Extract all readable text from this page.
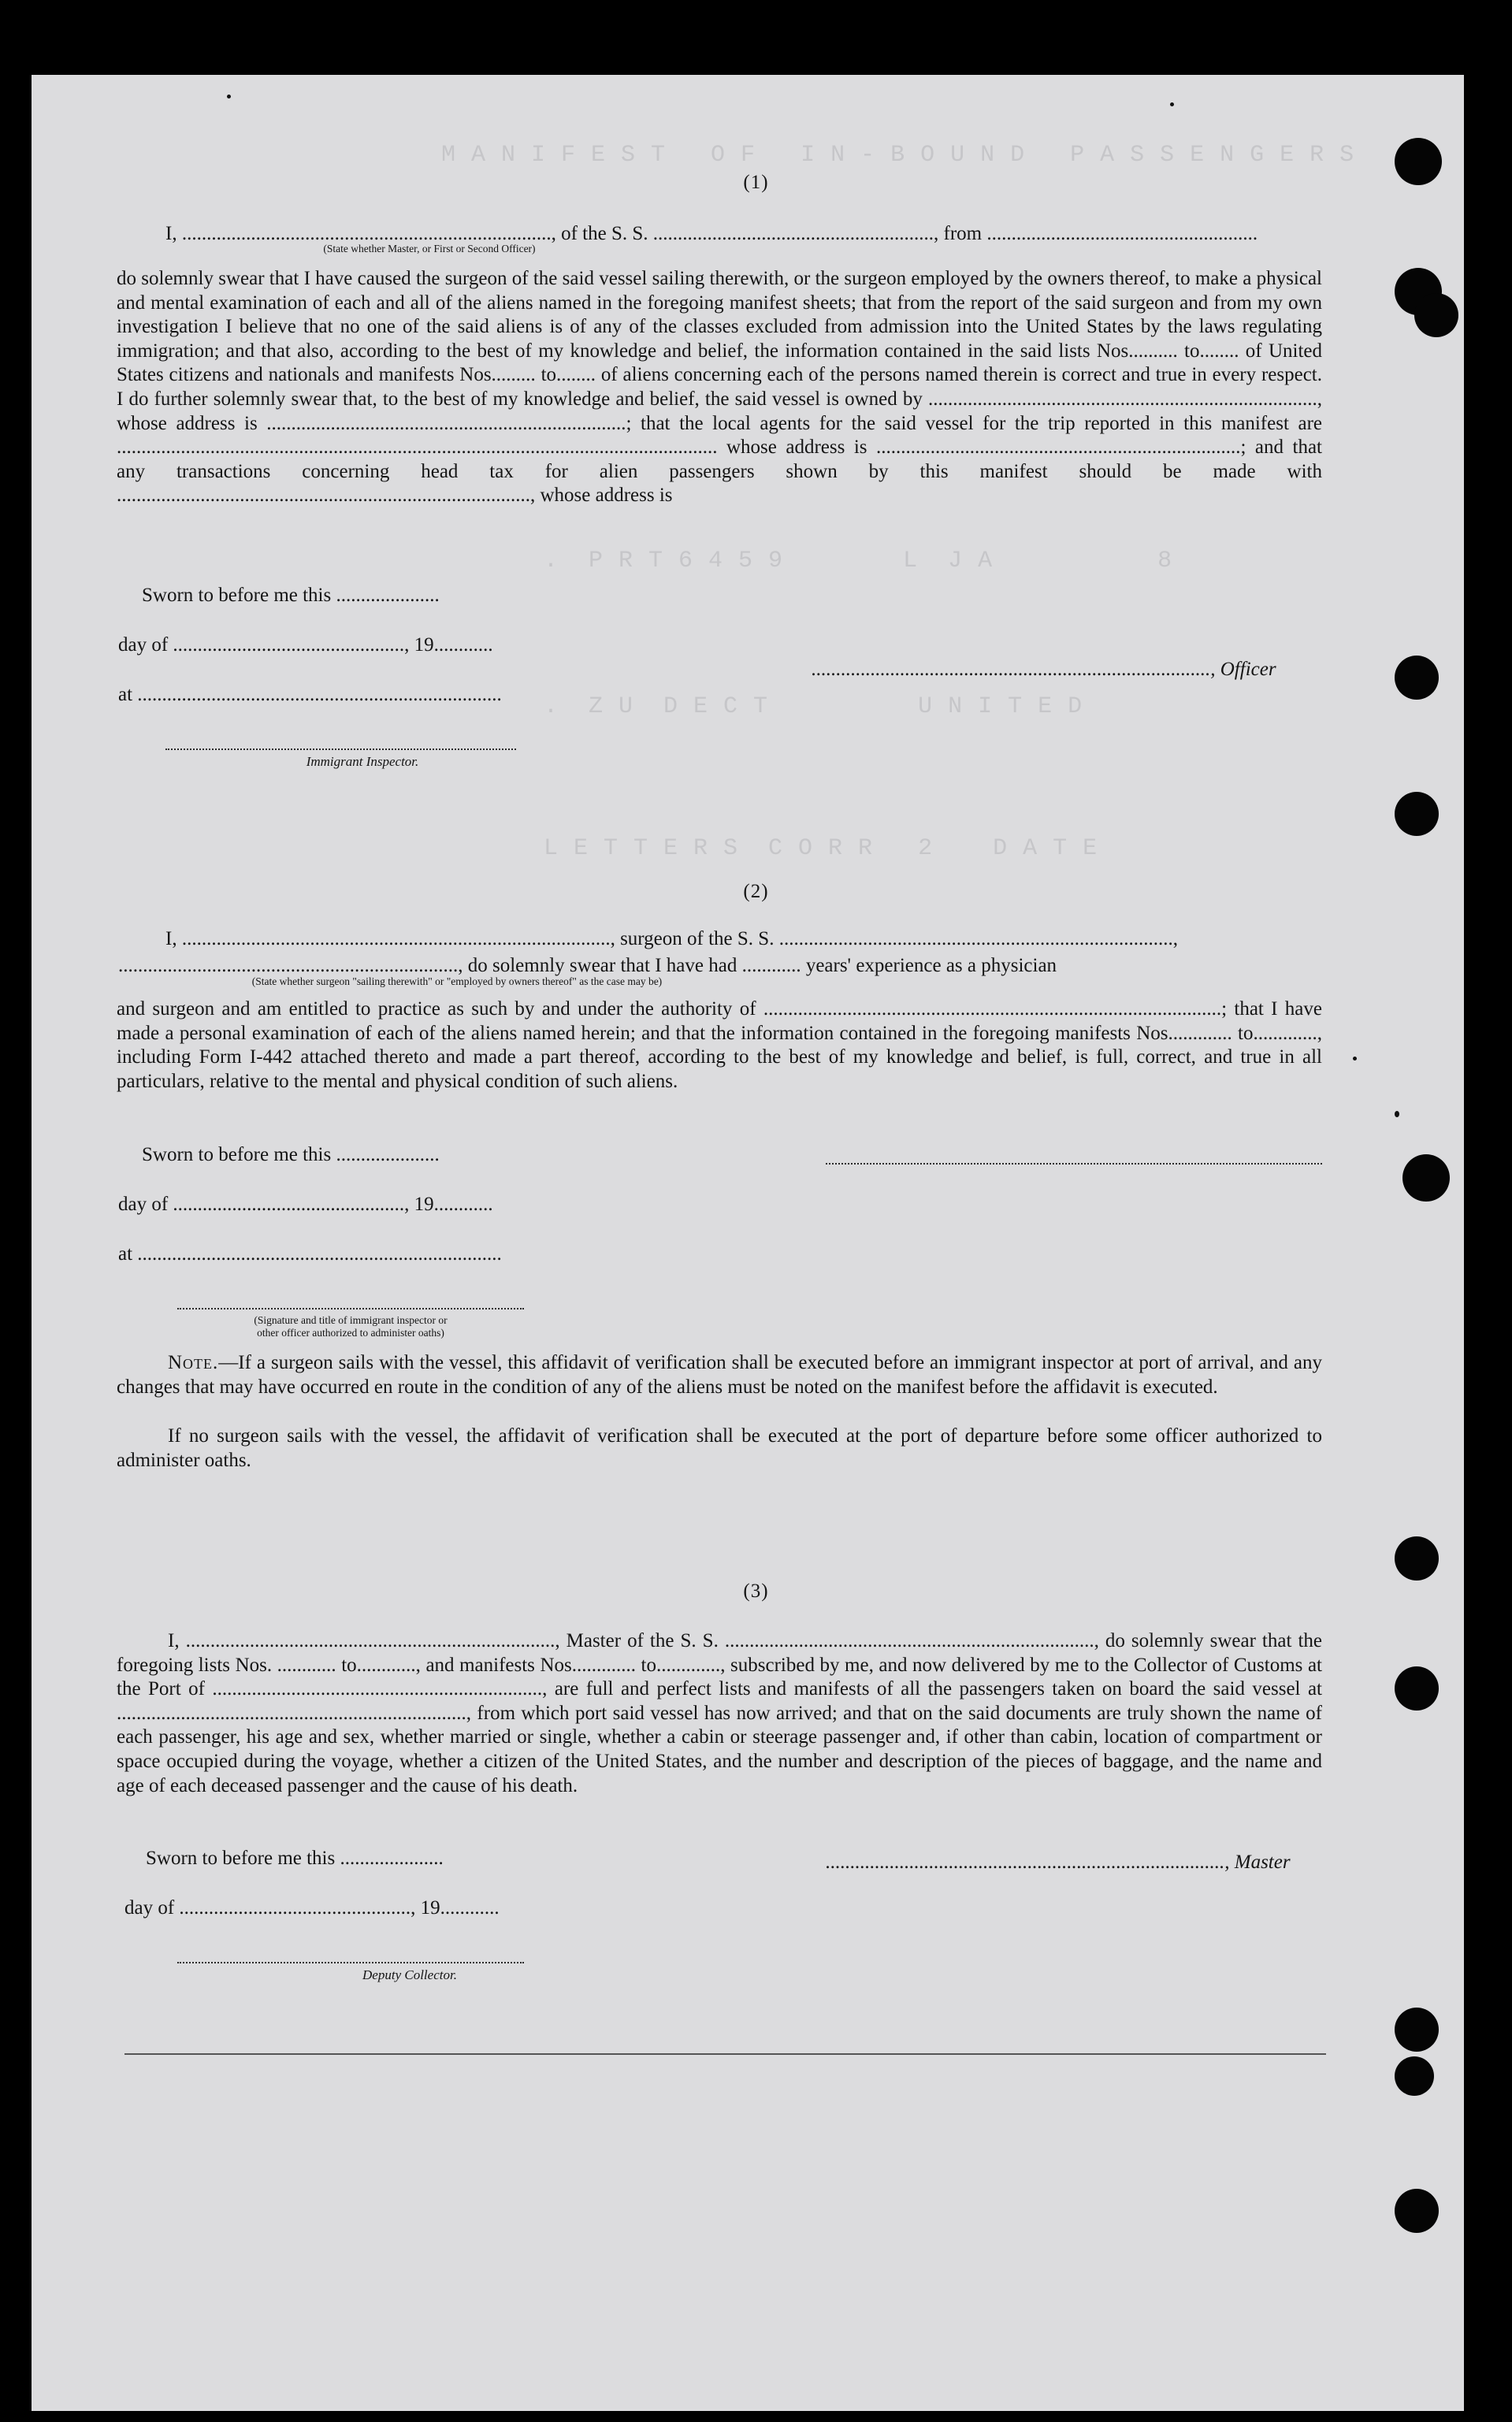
M A N I F E S T   O F   I N - B O U N D   P A S S E N G E R S
.  P R T 6 4 5 9        L  J A           8
.  Z U  D E C T          U N I T E D
L E T T E R S  C O R R   2    D A T E
(1)
I, ..........................................................................., of the S. S. ........................................................., from .......................................................
(State whether Master, or First or Second Officer)
do solemnly swear that I have caused the surgeon of the said vessel sailing therewith, or the surgeon employed by the owners thereof, to make a physical and mental examination of each and all of the aliens named in the foregoing manifest sheets; that from the report of the said surgeon and from my own investigation I believe that no one of the said aliens is of any of the classes excluded from admission into the United States by the laws regulating immigration; and that also, according to the best of my knowledge and belief, the information contained in the said lists Nos.......... to........ of United States citizens and nationals and manifests Nos......... to........ of aliens concerning each of the persons named therein is correct and true in every respect. I do further solemnly swear that, to the best of my knowledge and belief, the said vessel is owned by ..............................................................................., whose address is .........................................................................; that the local agents for the said vessel for the trip reported in this manifest are .......................................................................................................................... whose address is ..........................................................................; and that any transactions concerning head tax for alien passengers shown by this manifest should be made with ...................................................................................., whose address is
Sworn to before me this .....................
day of ..............................................., 19............
at ..........................................................................
................................................................................., Officer
Immigrant Inspector.
(2)
I, ......................................................................................., surgeon of the S. S. ................................................................................,
....................................................................., do solemnly swear that I have had ............ years' experience as a physician
(State whether surgeon "sailing therewith" or "employed by owners thereof" as the case may be)
and surgeon and am entitled to practice as such by and under the authority of .............................................................................................; that I have made a personal examination of each of the aliens named herein; and that the information contained in the foregoing manifests Nos............. to............., including Form I-442 attached thereto and made a part thereof, according to the best of my knowledge and belief, is full, correct, and true in all particulars, relative to the mental and physical condition of such aliens.
Sworn to before me this .....................
day of ..............................................., 19............
at ..........................................................................
(Signature and title of immigrant inspector or
other officer authorized to administer oaths)
Note.—If a surgeon sails with the vessel, this affidavit of verification shall be executed before an immigrant inspector at port of arrival, and any changes that may have occurred en route in the condition of any of the aliens must be noted on the manifest before the affidavit is executed.
If no surgeon sails with the vessel, the affidavit of verification shall be executed at the port of departure before some officer authorized to administer oaths.
(3)
I, ..........................................................................., Master of the S. S. ..........................................................................., do solemnly swear that the foregoing lists Nos. ............ to............, and manifests Nos............. to............., subscribed by me, and now delivered by me to the Collector of Customs at the Port of ..................................................................., are full and perfect lists and manifests of all the passengers taken on board the said vessel at ......................................................................., from which port said vessel has now arrived; and that on the said documents are truly shown the name of each passenger, his age and sex, whether married or single, whether a cabin or steerage passenger and, if other than cabin, location of compartment or space occupied during the voyage, whether a citizen of the United States, and the number and description of the pieces of baggage, and the name and age of each deceased passenger and the cause of his death.
Sworn to before me this .....................	................................................................................., Master
day of ..............................................., 19............
Deputy Collector.
